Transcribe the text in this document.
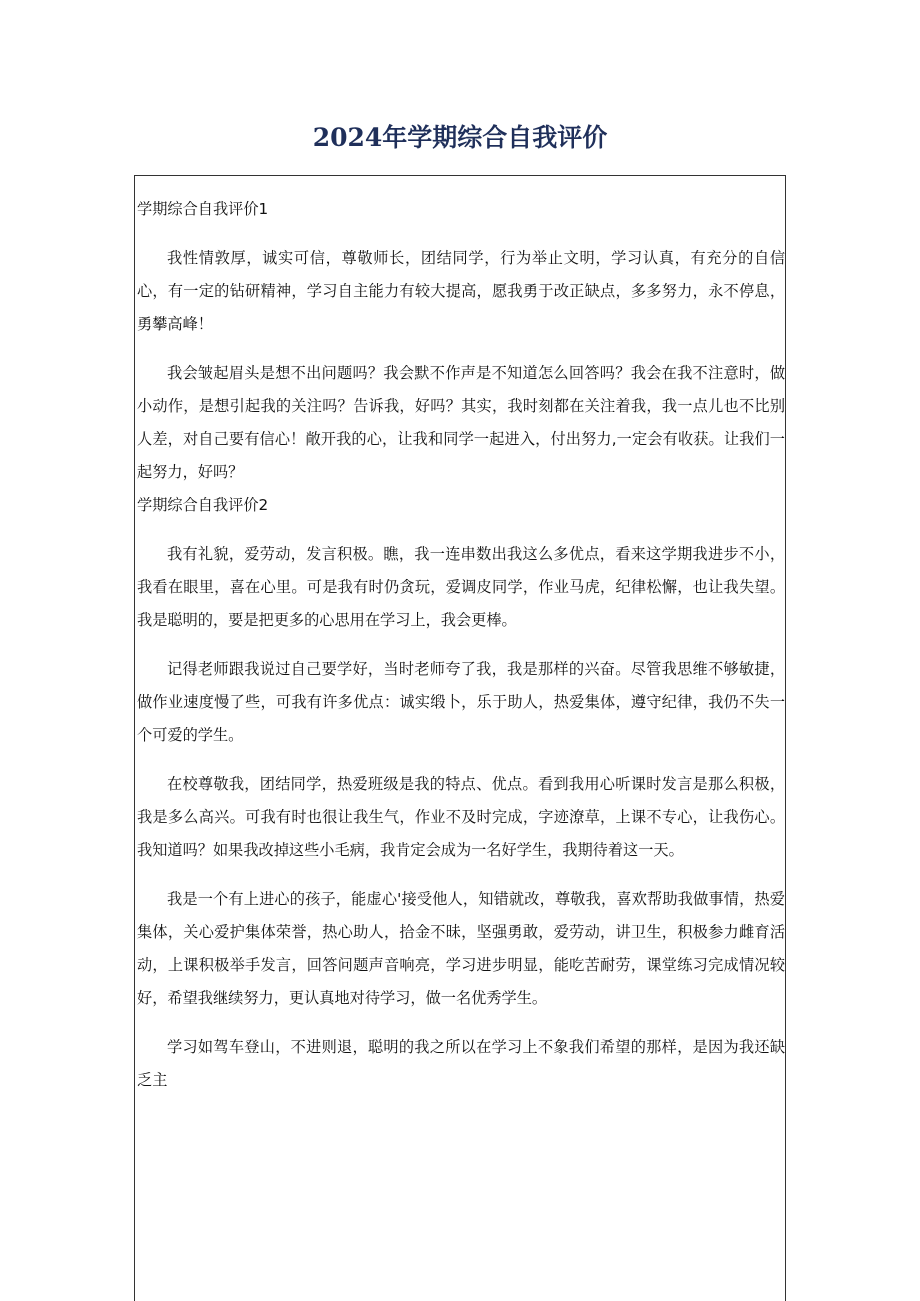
2024年学期综合自我评价

学期综合自我评价1

我性情敦厚，诚实可信，尊敬师长，团结同学，行为举止文明，学习认真，有充分的自信心，有一定的钻研精神，学习自主能力有较大提高，愿我勇于改正缺点，多多努力，永不停息，勇攀高峰！

我会皱起眉头是想不出问题吗？我会默不作声是不知道怎么回答吗？我会在我不注意时，做小动作，是想引起我的关注吗？告诉我，好吗？其实，我时刻都在关注着我，我一点儿也不比别人差，对自己要有信心！敞开我的心，让我和同学一起进入，付出努力,一定会有收获。让我们一起努力，好吗？

学期综合自我评价2

我有礼貌，爱劳动，发言积极。瞧，我一连串数出我这么多优点，看来这学期我进步不小，我看在眼里，喜在心里。可是我有时仍贪玩，爱调皮同学，作业马虎，纪律松懈，也让我失望。我是聪明的，要是把更多的心思用在学习上，我会更棒。

记得老师跟我说过自己要学好，当时老师夸了我，我是那样的兴奋。尽管我思维不够敏捷，做作业速度慢了些，可我有许多优点：诚实缎卜，乐于助人，热爱集体，遵守纪律，我仍不失一个可爱的学生。

在校尊敬我，团结同学，热爱班级是我的特点、优点。看到我用心听课时发言是那么积极，我是多么高兴。可我有时也很让我生气，作业不及时完成，字迹潦草，上课不专心，让我伤心。我知道吗？如果我改掉这些小毛病，我肯定会成为一名好学生，我期待着这一天。

我是一个有上进心的孩子，能虚心'接受他人，知错就改，尊敬我，喜欢帮助我做事情，热爱集体，关心爱护集体荣誉，热心助人，拾金不昧，坚强勇敢，爱劳动，讲卫生，积极参力雌育活动，上课积极举手发言，回答问题声音响亮，学习进步明显，能吃苦耐劳，课堂练习完成情况较好，希望我继续努力，更认真地对待学习，做一名优秀学生。

学习如驾车登山，不进则退，聪明的我之所以在学习上不象我们希望的那样，是因为我还缺乏主
